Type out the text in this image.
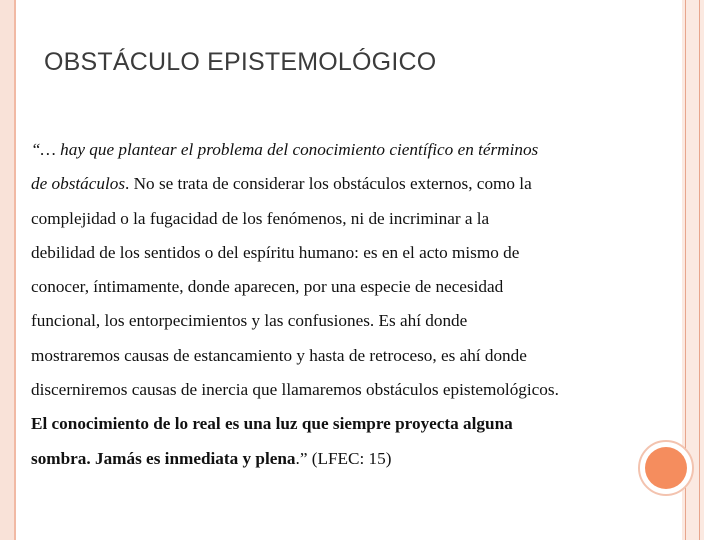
OBSTÁCULO EPISTEMOLÓGICO
“… hay que plantear el problema del conocimiento científico en términos
de obstáculos. No se trata de considerar los obstáculos externos, como la
complejidad o la fugacidad de los fenómenos, ni de incriminar a la
debilidad de los sentidos o del espíritu humano: es en el acto mismo de
conocer, íntimamente, donde aparecen, por una especie de necesidad
funcional, los entorpecimientos y las confusiones. Es ahí donde
mostraremos causas de estancamiento y hasta de retroceso, es ahí donde
discerniremos causas de inercia que llamaremos obstáculos epistemológicos.
El conocimiento de lo real es una luz que siempre proyecta alguna
sombra. Jamás es inmediata y plena.” (LFEC: 15)
